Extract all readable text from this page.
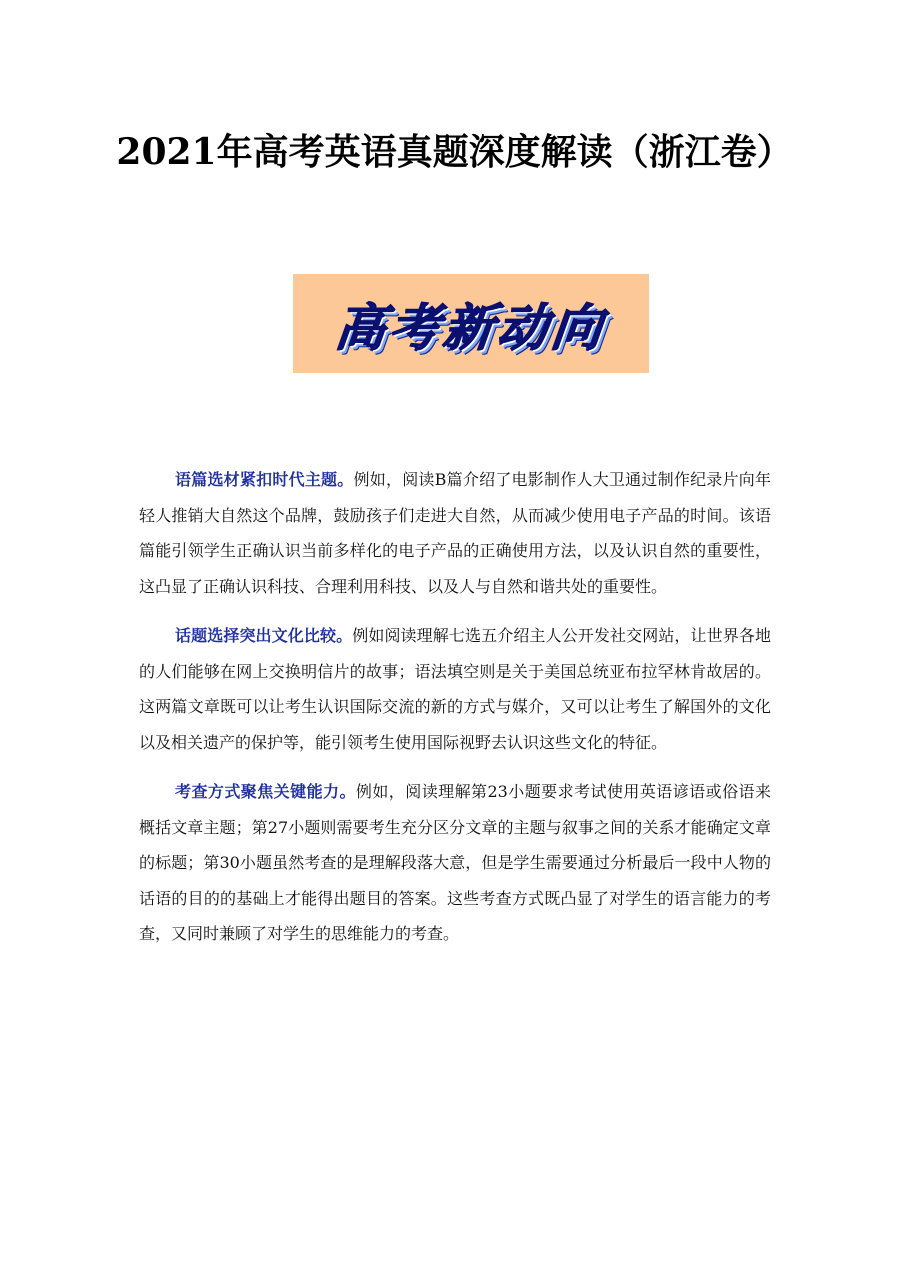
2021年高考英语真题深度解读（浙江卷）
高考新动向

语篇选材紧扣时代主题。例如，阅读B篇介绍了电影制作人大卫通过制作纪录片向年轻人推销大自然这个品牌，鼓励孩子们走进大自然，从而减少使用电子产品的时间。该语篇能引领学生正确认识当前多样化的电子产品的正确使用方法，以及认识自然的重要性，这凸显了正确认识科技、合理利用科技、以及人与自然和谐共处的重要性。

话题选择突出文化比较。例如阅读理解七选五介绍主人公开发社交网站，让世界各地的人们能够在网上交换明信片的故事；语法填空则是关于美国总统亚布拉罕林肯故居的。这两篇文章既可以让考生认识国际交流的新的方式与媒介，又可以让考生了解国外的文化以及相关遗产的保护等，能引领考生使用国际视野去认识这些文化的特征。

考查方式聚焦关键能力。例如，阅读理解第23小题要求考试使用英语谚语或俗语来概括文章主题；第27小题则需要考生充分区分文章的主题与叙事之间的关系才能确定文章的标题；第30小题虽然考查的是理解段落大意，但是学生需要通过分析最后一段中人物的话语的目的的基础上才能得出题目的答案。这些考查方式既凸显了对学生的语言能力的考查，又同时兼顾了对学生的思维能力的考查。
